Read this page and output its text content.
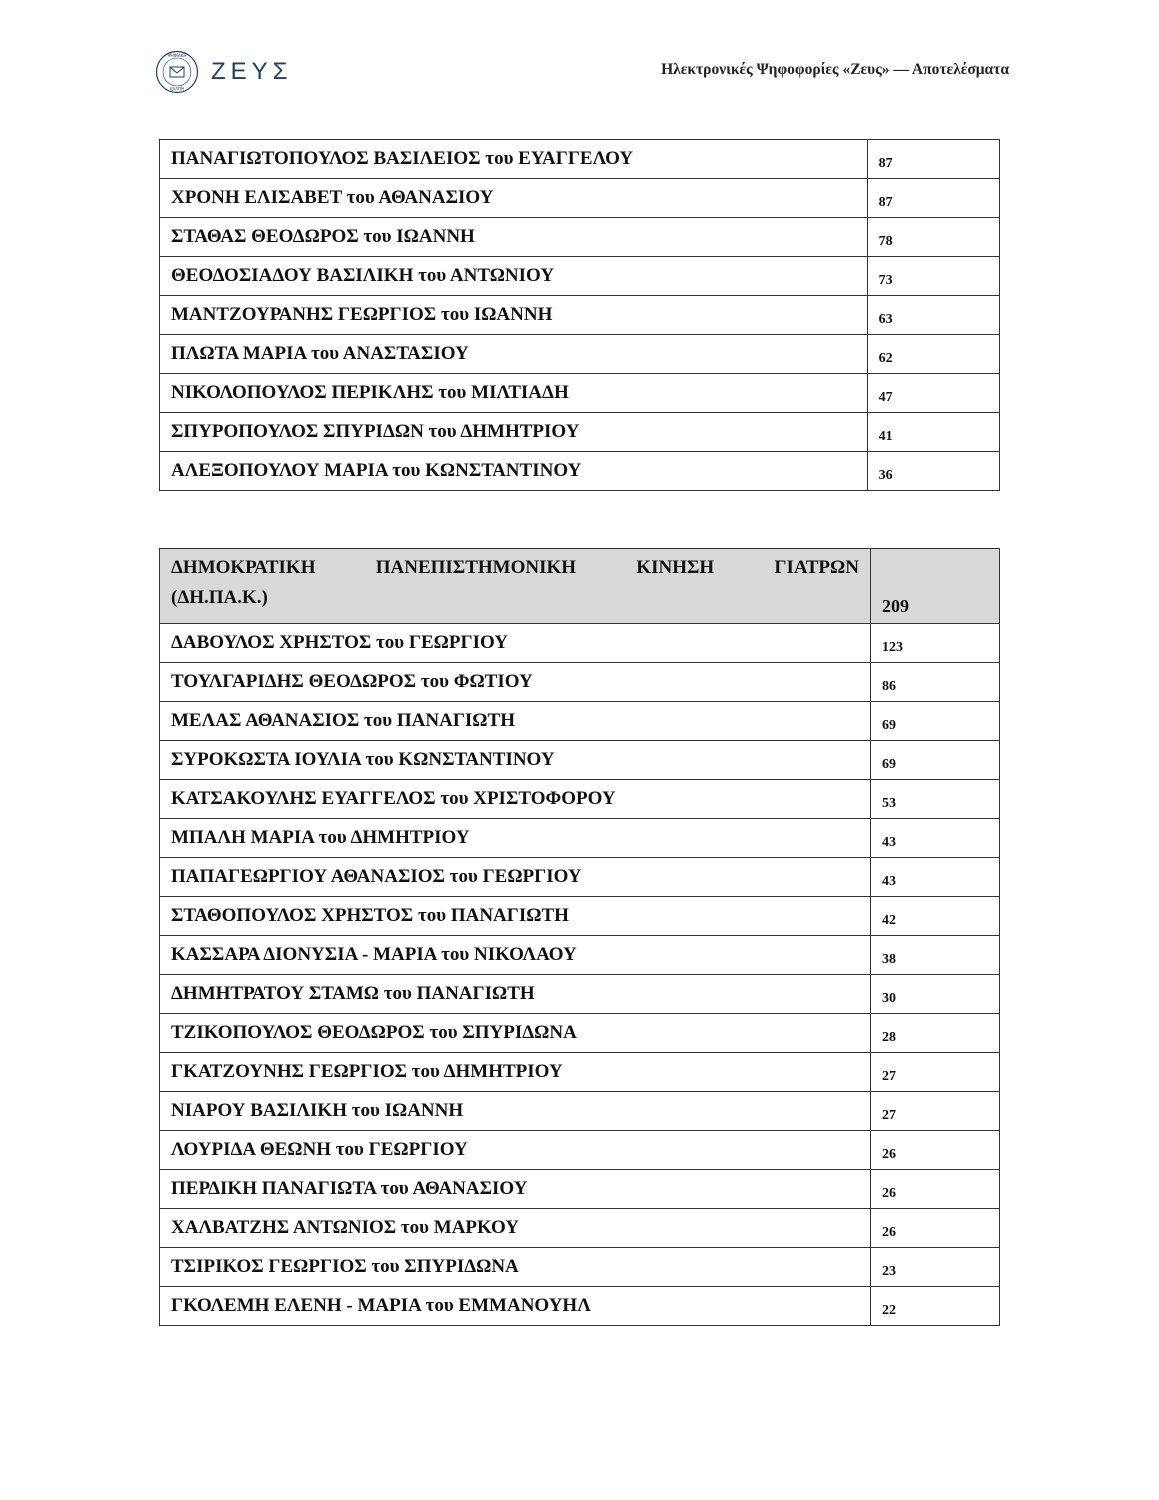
ΨΗΦΙΑΚΗ
ΚΑΛΠΗ
ΖΕΥΣ	Ηλεκτρονικές Ψηφοφορίες «Ζευς» — Αποτελέσματα
ΠΑΝΑΓΙΩΤΟΠΟΥΛΟΣ ΒΑΣΙΛΕΙΟΣ του ΕΥΑΓΓΕΛΟΥ	87
ΧΡΟΝΗ ΕΛΙΣΑΒΕΤ του ΑΘΑΝΑΣΙΟΥ	87
ΣΤΑΘΑΣ ΘΕΟΔΩΡΟΣ του ΙΩΑΝΝΗ	78
ΘΕΟΔΟΣΙΑΔΟΥ ΒΑΣΙΛΙΚΗ του ΑΝΤΩΝΙΟΥ	73
ΜΑΝΤΖΟΥΡΑΝΗΣ ΓΕΩΡΓΙΟΣ του ΙΩΑΝΝΗ	63
ΠΛΩΤΑ ΜΑΡΙΑ του ΑΝΑΣΤΑΣΙΟΥ	62
ΝΙΚΟΛΟΠΟΥΛΟΣ ΠΕΡΙΚΛΗΣ του ΜΙΛΤΙΑΔΗ	47
ΣΠΥΡΟΠΟΥΛΟΣ ΣΠΥΡΙΔΩΝ του ΔΗΜΗΤΡΙΟΥ	41
ΑΛΕΞΟΠΟΥΛΟΥ ΜΑΡΙΑ του ΚΩΝΣΤΑΝΤΙΝΟΥ	36
ΔΗΜΟΚΡΑΤΙΚΗ ΠΑΝΕΠΙΣΤΗΜΟΝΙΚΗ ΚΙΝΗΣΗ ΓΙΑΤΡΩΝ
(ΔΗ.ΠΑ.Κ.)	209
ΔΑΒΟΥΛΟΣ ΧΡΗΣΤΟΣ του ΓΕΩΡΓΙΟΥ	123
ΤΟΥΛΓΑΡΙΔΗΣ ΘΕΟΔΩΡΟΣ του ΦΩΤΙΟΥ	86
ΜΕΛΑΣ ΑΘΑΝΑΣΙΟΣ του ΠΑΝΑΓΙΩΤΗ	69
ΣΥΡΟΚΩΣΤΑ ΙΟΥΛΙΑ του ΚΩΝΣΤΑΝΤΙΝΟΥ	69
ΚΑΤΣΑΚΟΥΛΗΣ ΕΥΑΓΓΕΛΟΣ του ΧΡΙΣΤΟΦΟΡΟΥ	53
ΜΠΑΛΗ ΜΑΡΙΑ του ΔΗΜΗΤΡΙΟΥ	43
ΠΑΠΑΓΕΩΡΓΙΟΥ ΑΘΑΝΑΣΙΟΣ του ΓΕΩΡΓΙΟΥ	43
ΣΤΑΘΟΠΟΥΛΟΣ ΧΡΗΣΤΟΣ του ΠΑΝΑΓΙΩΤΗ	42
ΚΑΣΣΑΡΑ ΔΙΟΝΥΣΙΑ - ΜΑΡΙΑ του ΝΙΚΟΛΑΟΥ	38
ΔΗΜΗΤΡΑΤΟΥ ΣΤΑΜΩ του ΠΑΝΑΓΙΩΤΗ	30
ΤΖΙΚΟΠΟΥΛΟΣ ΘΕΟΔΩΡΟΣ του ΣΠΥΡΙΔΩΝΑ	28
ΓΚΑΤΖΟΥΝΗΣ ΓΕΩΡΓΙΟΣ του ΔΗΜΗΤΡΙΟΥ	27
ΝΙΑΡΟΥ ΒΑΣΙΛΙΚΗ του ΙΩΑΝΝΗ	27
ΛΟΥΡΙΔΑ ΘΕΩΝΗ του ΓΕΩΡΓΙΟΥ	26
ΠΕΡΔΙΚΗ ΠΑΝΑΓΙΩΤΑ του ΑΘΑΝΑΣΙΟΥ	26
ΧΑΛΒΑΤΖΗΣ ΑΝΤΩΝΙΟΣ του ΜΑΡΚΟΥ	26
ΤΣΙΡΙΚΟΣ ΓΕΩΡΓΙΟΣ του ΣΠΥΡΙΔΩΝΑ	23
ΓΚΟΛΕΜΗ ΕΛΕΝΗ - ΜΑΡΙΑ του ΕΜΜΑΝΟΥΗΛ	22
